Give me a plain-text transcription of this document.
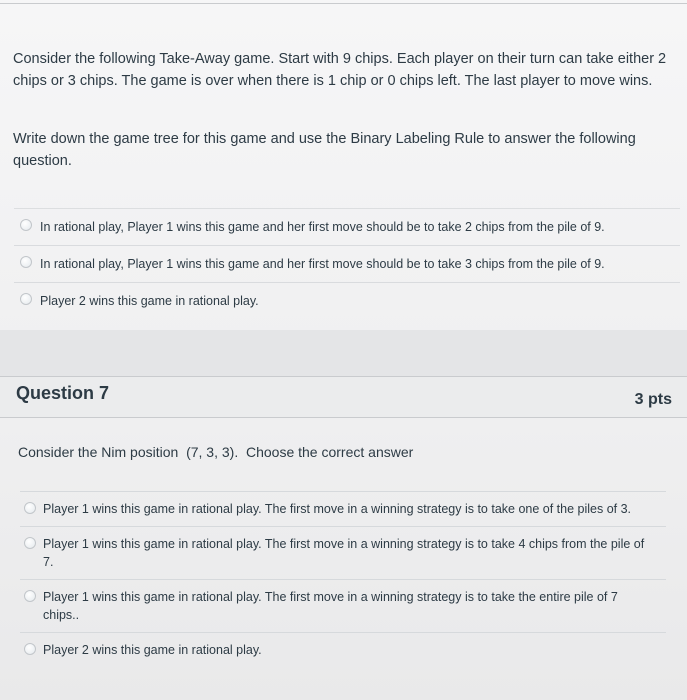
Consider the following Take-Away game. Start with 9 chips. Each player on their turn can take either 2 chips or 3 chips. The game is over when there is 1 chip or 0 chips left. The last player to move wins.
Write down the game tree for this game and use the Binary Labeling Rule to answer the following question.
In rational play, Player 1 wins this game and her first move should be to take 2 chips from the pile of 9.
In rational play, Player 1 wins this game and her first move should be to take 3 chips from the pile of 9.
Player 2 wins this game in rational play.
Question 7	3 pts
Consider the Nim position  (7, 3, 3).  Choose the correct answer
Player 1 wins this game in rational play. The first move in a winning strategy is to take one of the piles of 3.
Player 1 wins this game in rational play. The first move in a winning strategy is to take 4 chips from the pile of 7.
Player 1 wins this game in rational play. The first move in a winning strategy is to take the entire pile of 7 chips..
Player 2 wins this game in rational play.
